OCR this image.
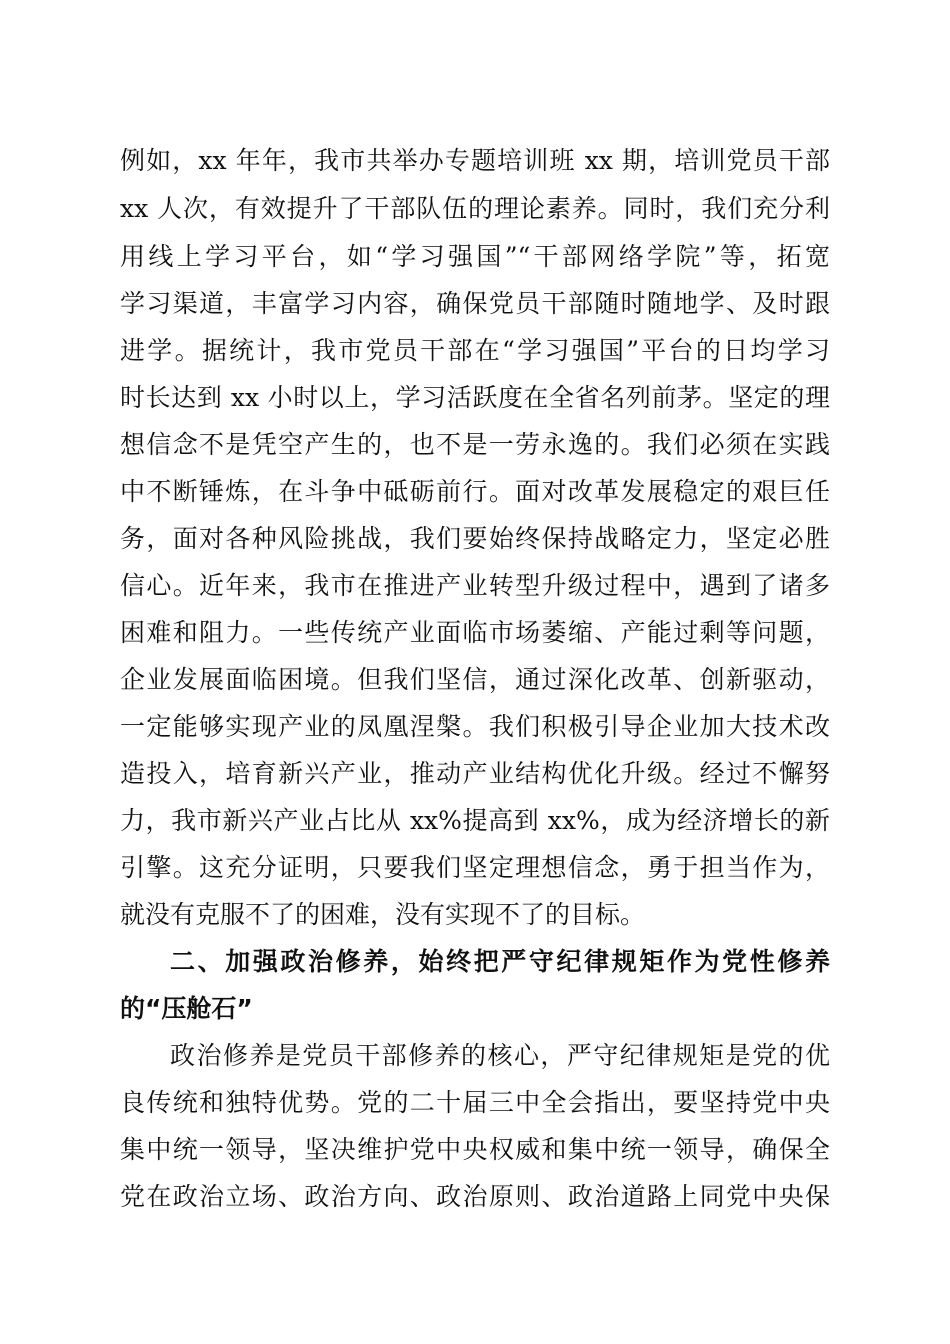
例如，xx 年年，我市共举办专题培训班 xx 期，培训党员干部
xx 人次，有效提升了干部队伍的理论素养。同时，我们充分利
用线上学习平台，如“学习强国”“干部网络学院”等，拓宽
学习渠道，丰富学习内容，确保党员干部随时随地学、及时跟
进学。据统计，我市党员干部在“学习强国”平台的日均学习
时长达到 xx 小时以上，学习活跃度在全省名列前茅。坚定的理
想信念不是凭空产生的，也不是一劳永逸的。我们必须在实践
中不断锤炼，在斗争中砥砺前行。面对改革发展稳定的艰巨任
务，面对各种风险挑战，我们要始终保持战略定力，坚定必胜
信心。近年来，我市在推进产业转型升级过程中，遇到了诸多
困难和阻力。一些传统产业面临市场萎缩、产能过剩等问题，
企业发展面临困境。但我们坚信，通过深化改革、创新驱动，
一定能够实现产业的凤凰涅槃。我们积极引导企业加大技术改
造投入，培育新兴产业，推动产业结构优化升级。经过不懈努
力，我市新兴产业占比从 xx%提高到 xx%，成为经济增长的新
引擎。这充分证明，只要我们坚定理想信念，勇于担当作为，
就没有克服不了的困难，没有实现不了的目标。
二、加强政治修养，始终把严守纪律规矩作为党性修养
的“压舱石”
政治修养是党员干部修养的核心，严守纪律规矩是党的优
良传统和独特优势。党的二十届三中全会指出，要坚持党中央
集中统一领导，坚决维护党中央权威和集中统一领导，确保全
党在政治立场、政治方向、政治原则、政治道路上同党中央保
